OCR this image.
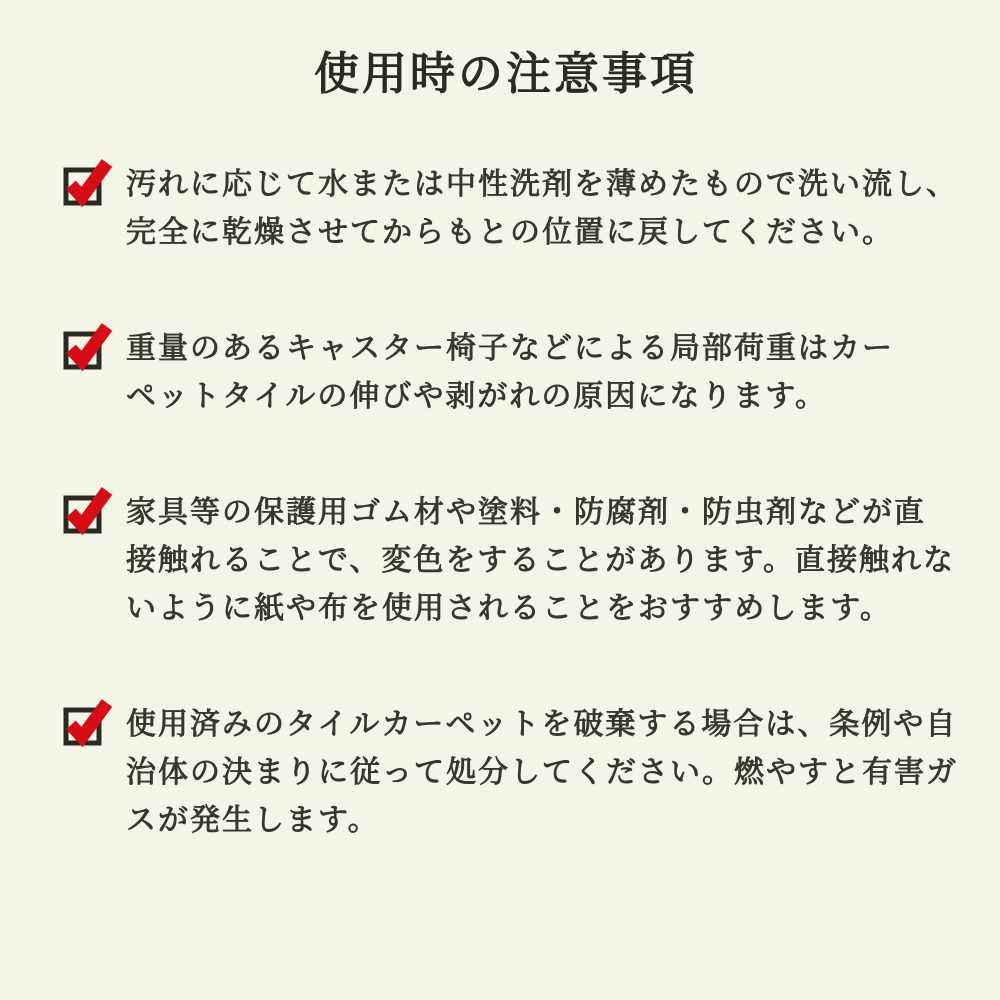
使用時の注意事項

汚れに応じて水または中性洗剤を薄めたもので洗い流し、
完全に乾燥させてからもとの位置に戻してください。

重量のあるキャスター椅子などによる局部荷重はカー
ペットタイルの伸びや剥がれの原因になります。

家具等の保護用ゴム材や塗料・防腐剤・防虫剤などが直
接触れることで、変色をすることがあります。直接触れな
いように紙や布を使用されることをおすすめします。

使用済みのタイルカーペットを破棄する場合は、条例や自
治体の決まりに従って処分してください。燃やすと有害ガ
スが発生します。
